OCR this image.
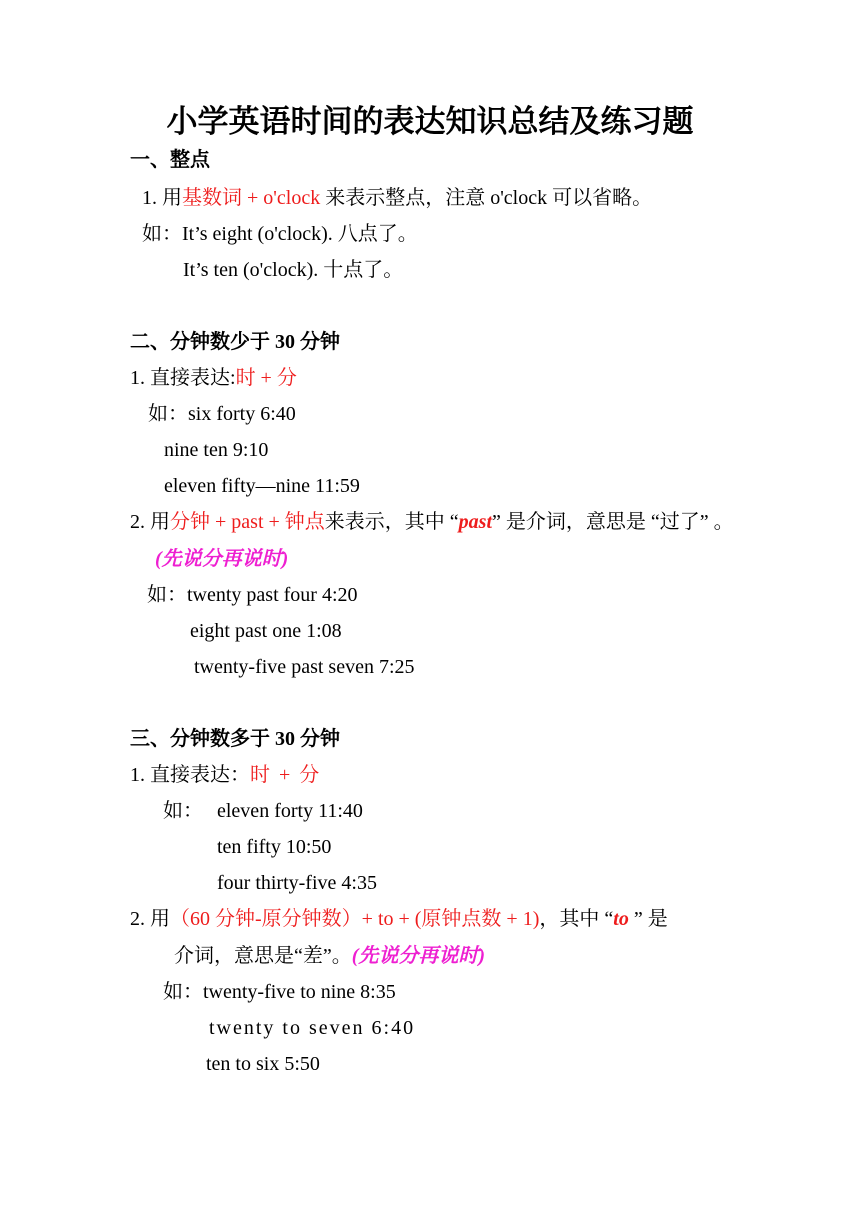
小学英语时间的表达知识总结及练习题
一、整点
1. 用基数词 + o'clock 来表示整点，注意 o'clock 可以省略。
如：It’s eight (o'clock). 八点了。
It’s ten (o'clock). 十点了。
二、分钟数少于 30 分钟
1. 直接表达:时 + 分
如：six forty 6:40
nine ten 9:10
eleven fifty—nine 11:59
2. 用分钟 + past + 钟点来表示，其中 “past” 是介词，意思是 “过了” 。
(先说分再说时)
如：twenty past four 4:20
eight past one 1:08
twenty-five past seven 7:25
三、分钟数多于 30 分钟
1. 直接表达：时 + 分
如： eleven forty 11:40
ten fifty 10:50
four thirty-five 4:35
2. 用（60 分钟-原分钟数）+ to + (原钟点数 + 1)，其中 “to ” 是
介词，意思是“差”。(先说分再说时)
如：twenty-five to nine 8:35
twenty to seven 6:40
ten to six 5:50
